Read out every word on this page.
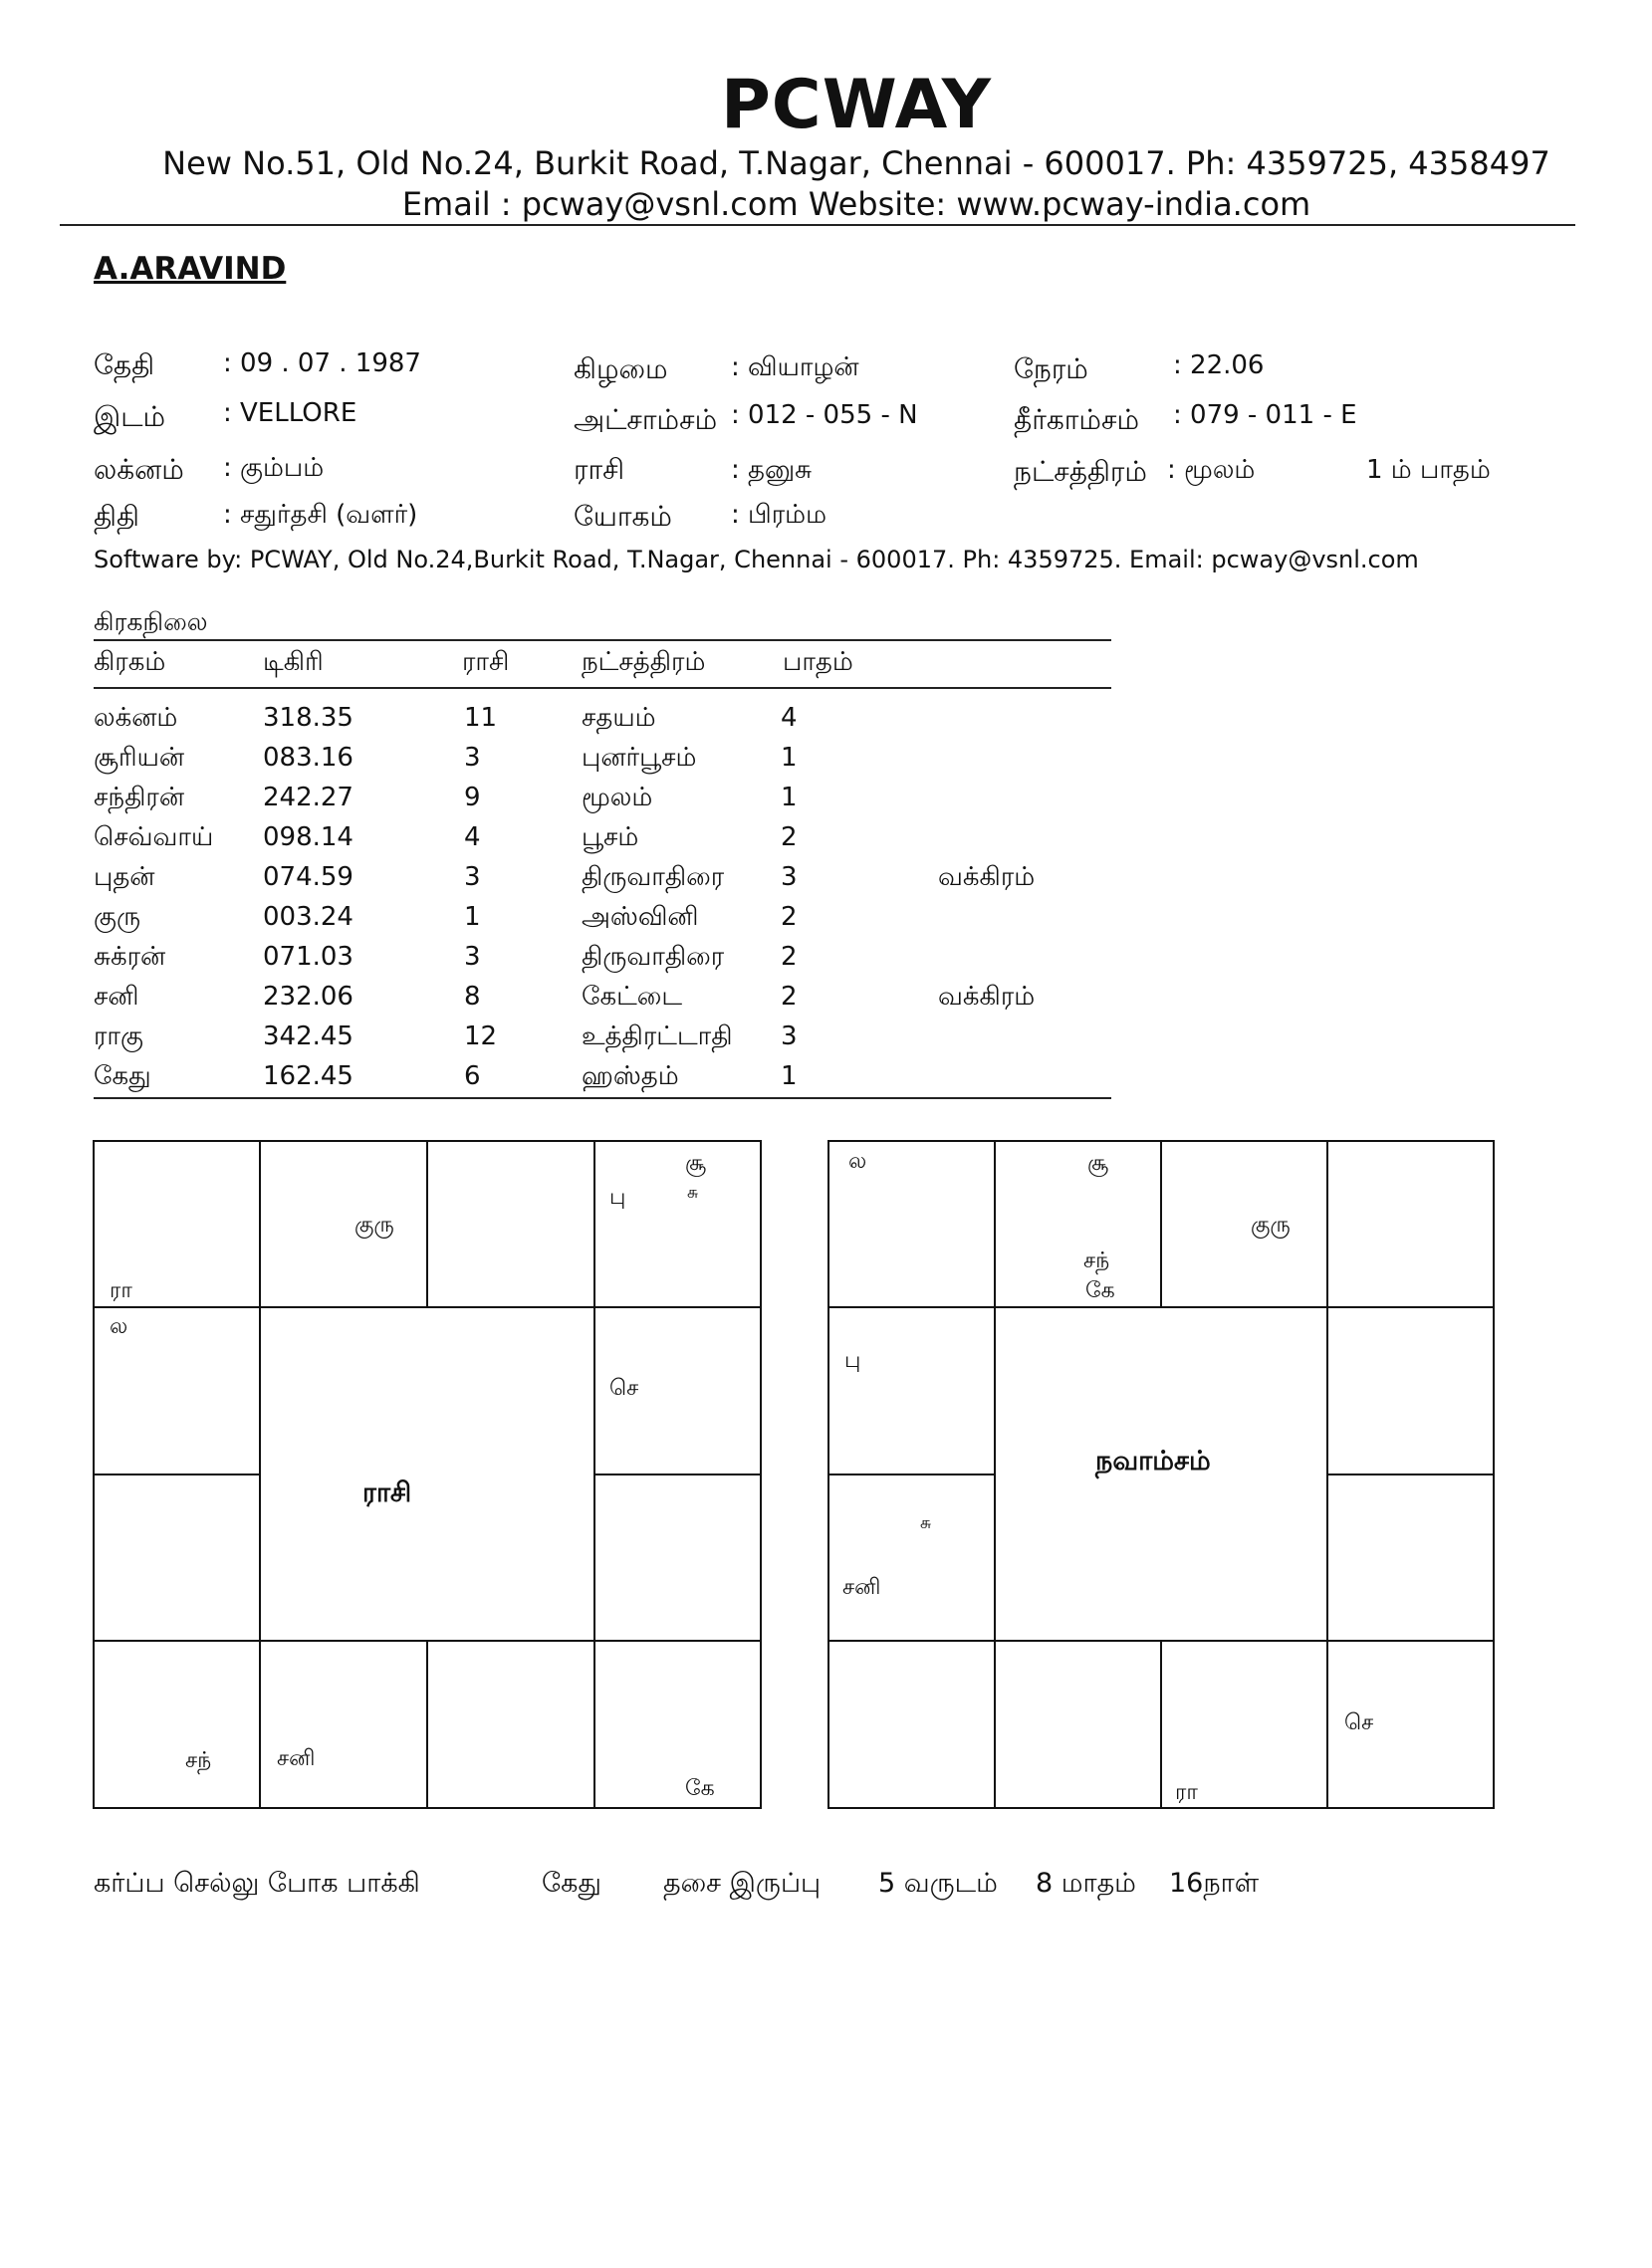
PCWAY
New No.51, Old No.24, Burkit Road, T.Nagar, Chennai - 600017. Ph: 4359725, 4358497
Email : pcway@vsnl.com Website: www.pcway-india.com
A.ARAVIND
தேதி	: 09 . 07 . 1987	கிழமை : வியாழன்	நேரம்	: 22.06
இடம் : VELLORE	அட்சாம்சம் : 012 - 055 - N	தீர்காம்சம் : 079 - 011 - E
லக்னம் : கும்பம்	ராசி	: தனுசு	நட்சத்திரம் : மூலம்	1 ம் பாதம்
திதி	: சதுர்தசி (வளர்)	யோகம் : பிரம்ம
Software by: PCWAY, Old No.24,Burkit Road, T.Nagar, Chennai - 600017. Ph: 4359725. Email: pcway@vsnl.com
கிரகநிலை
கிரகம்	டிகிரி	ராசி	நட்சத்திரம்	பாதம்
லக்னம்	318.35	11	சதயம்	4
சூரியன்	083.16	3	புனர்பூசம்	1
சந்திரன்	242.27	9	மூலம்	1
செவ்வாய் 098.14	4	பூசம்	2
புதன்	074.59	3	திருவாதிரை 3	வக்கிரம்
குரு	003.24	1	அஸ்வினி	2
சுக்ரன்	071.03	3	திருவாதிரை 2
சனி	232.06	8	கேட்டை	2	வக்கிரம்
ராகு	342.45	12	உத்திரட்டாதி 3
கேது	162.45	6	ஹஸ்தம்	1
ராசி
ரா
ல
குரு
பு
சூ
சு
செ
கே
சனி
சந்
நவாம்சம்
ல	சூ
சந்
கே
குரு
பு
சு
சனி
செ
ரா
கர்ப்ப செல்லு போக பாக்கி	கேது தசை இருப்பு 5 வருடம் 8 மாதம் 16நாள்
